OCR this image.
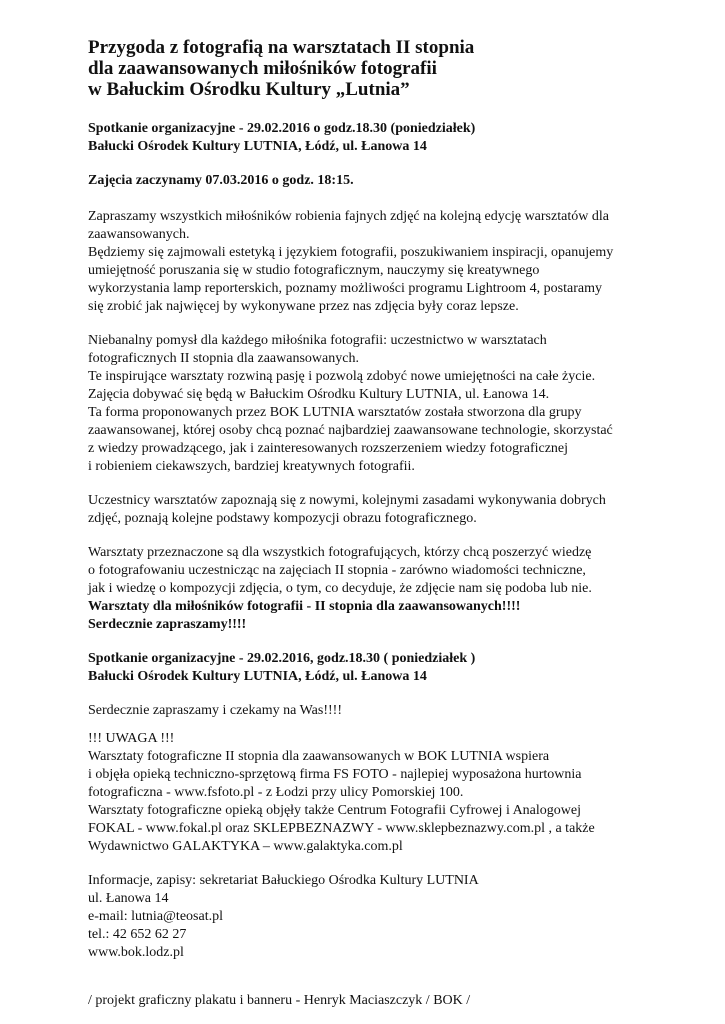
Przygoda z fotografią na warsztatach II stopnia
dla zaawansowanych miłośników fotografii
w Bałuckim Ośrodku Kultury „Lutnia”
Spotkanie organizacyjne - 29.02.2016 o godz.18.30 (poniedziałek)
Bałucki Ośrodek Kultury LUTNIA, Łódź, ul. Łanowa 14
Zajęcia zaczynamy 07.03.2016 o godz. 18:15.
Zapraszamy wszystkich miłośników robienia fajnych zdjęć na kolejną edycję warsztatów dla
zaawansowanych.
Będziemy się zajmowali estetyką i językiem fotografii, poszukiwaniem inspiracji, opanujemy
umiejętność poruszania się w studio fotograficznym, nauczymy się kreatywnego
wykorzystania lamp reporterskich, poznamy możliwości programu Lightroom 4, postaramy
się zrobić jak najwięcej by wykonywane przez nas zdjęcia były coraz lepsze.
Niebanalny pomysł dla każdego miłośnika fotografii: uczestnictwo w warsztatach
fotograficznych II stopnia dla zaawansowanych.
Te inspirujące warsztaty rozwiną pasję i pozwolą zdobyć nowe umiejętności na całe życie.
Zajęcia dobywać się będą w Bałuckim Ośrodku Kultury LUTNIA, ul. Łanowa 14.
Ta forma proponowanych przez BOK LUTNIA warsztatów została stworzona dla grupy
zaawansowanej, której osoby chcą poznać najbardziej zaawansowane technologie, skorzystać
z wiedzy prowadzącego, jak i zainteresowanych rozszerzeniem wiedzy fotograficznej
i robieniem ciekawszych, bardziej kreatywnych fotografii.
Uczestnicy warsztatów zapoznają się z nowymi, kolejnymi zasadami wykonywania dobrych
zdjęć, poznają kolejne podstawy kompozycji obrazu fotograficznego.
Warsztaty przeznaczone są dla wszystkich fotografujących, którzy chcą poszerzyć wiedzę
o fotografowaniu uczestnicząc na zajęciach II stopnia - zarówno wiadomości techniczne,
jak i wiedzę o kompozycji zdjęcia, o tym, co decyduje, że zdjęcie nam się podoba lub nie.
Warsztaty dla miłośników fotografii - II stopnia dla zaawansowanych!!!!
Serdecznie zapraszamy!!!!
Spotkanie organizacyjne - 29.02.2016, godz.18.30 ( poniedziałek )
Bałucki Ośrodek Kultury LUTNIA, Łódź, ul. Łanowa 14
Serdecznie zapraszamy i czekamy na Was!!!!
!!! UWAGA !!!
Warsztaty fotograficzne II stopnia dla zaawansowanych w BOK LUTNIA wspiera
i objęła opieką techniczno-sprzętową firma FS FOTO - najlepiej wyposażona hurtownia
fotograficzna - www.fsfoto.pl - z Łodzi przy ulicy Pomorskiej 100.
Warsztaty fotograficzne opieką objęły także Centrum Fotografii Cyfrowej i Analogowej
FOKAL - www.fokal.pl oraz SKLEPBEZNAZWY - www.sklepbeznazwy.com.pl , a także
Wydawnictwo GALAKTYKA – www.galaktyka.com.pl
Informacje, zapisy: sekretariat Bałuckiego Ośrodka Kultury LUTNIA
ul. Łanowa 14
e-mail: lutnia@teosat.pl
tel.: 42 652 62 27
www.bok.lodz.pl
/ projekt graficzny plakatu i banneru - Henryk Maciaszczyk / BOK /
